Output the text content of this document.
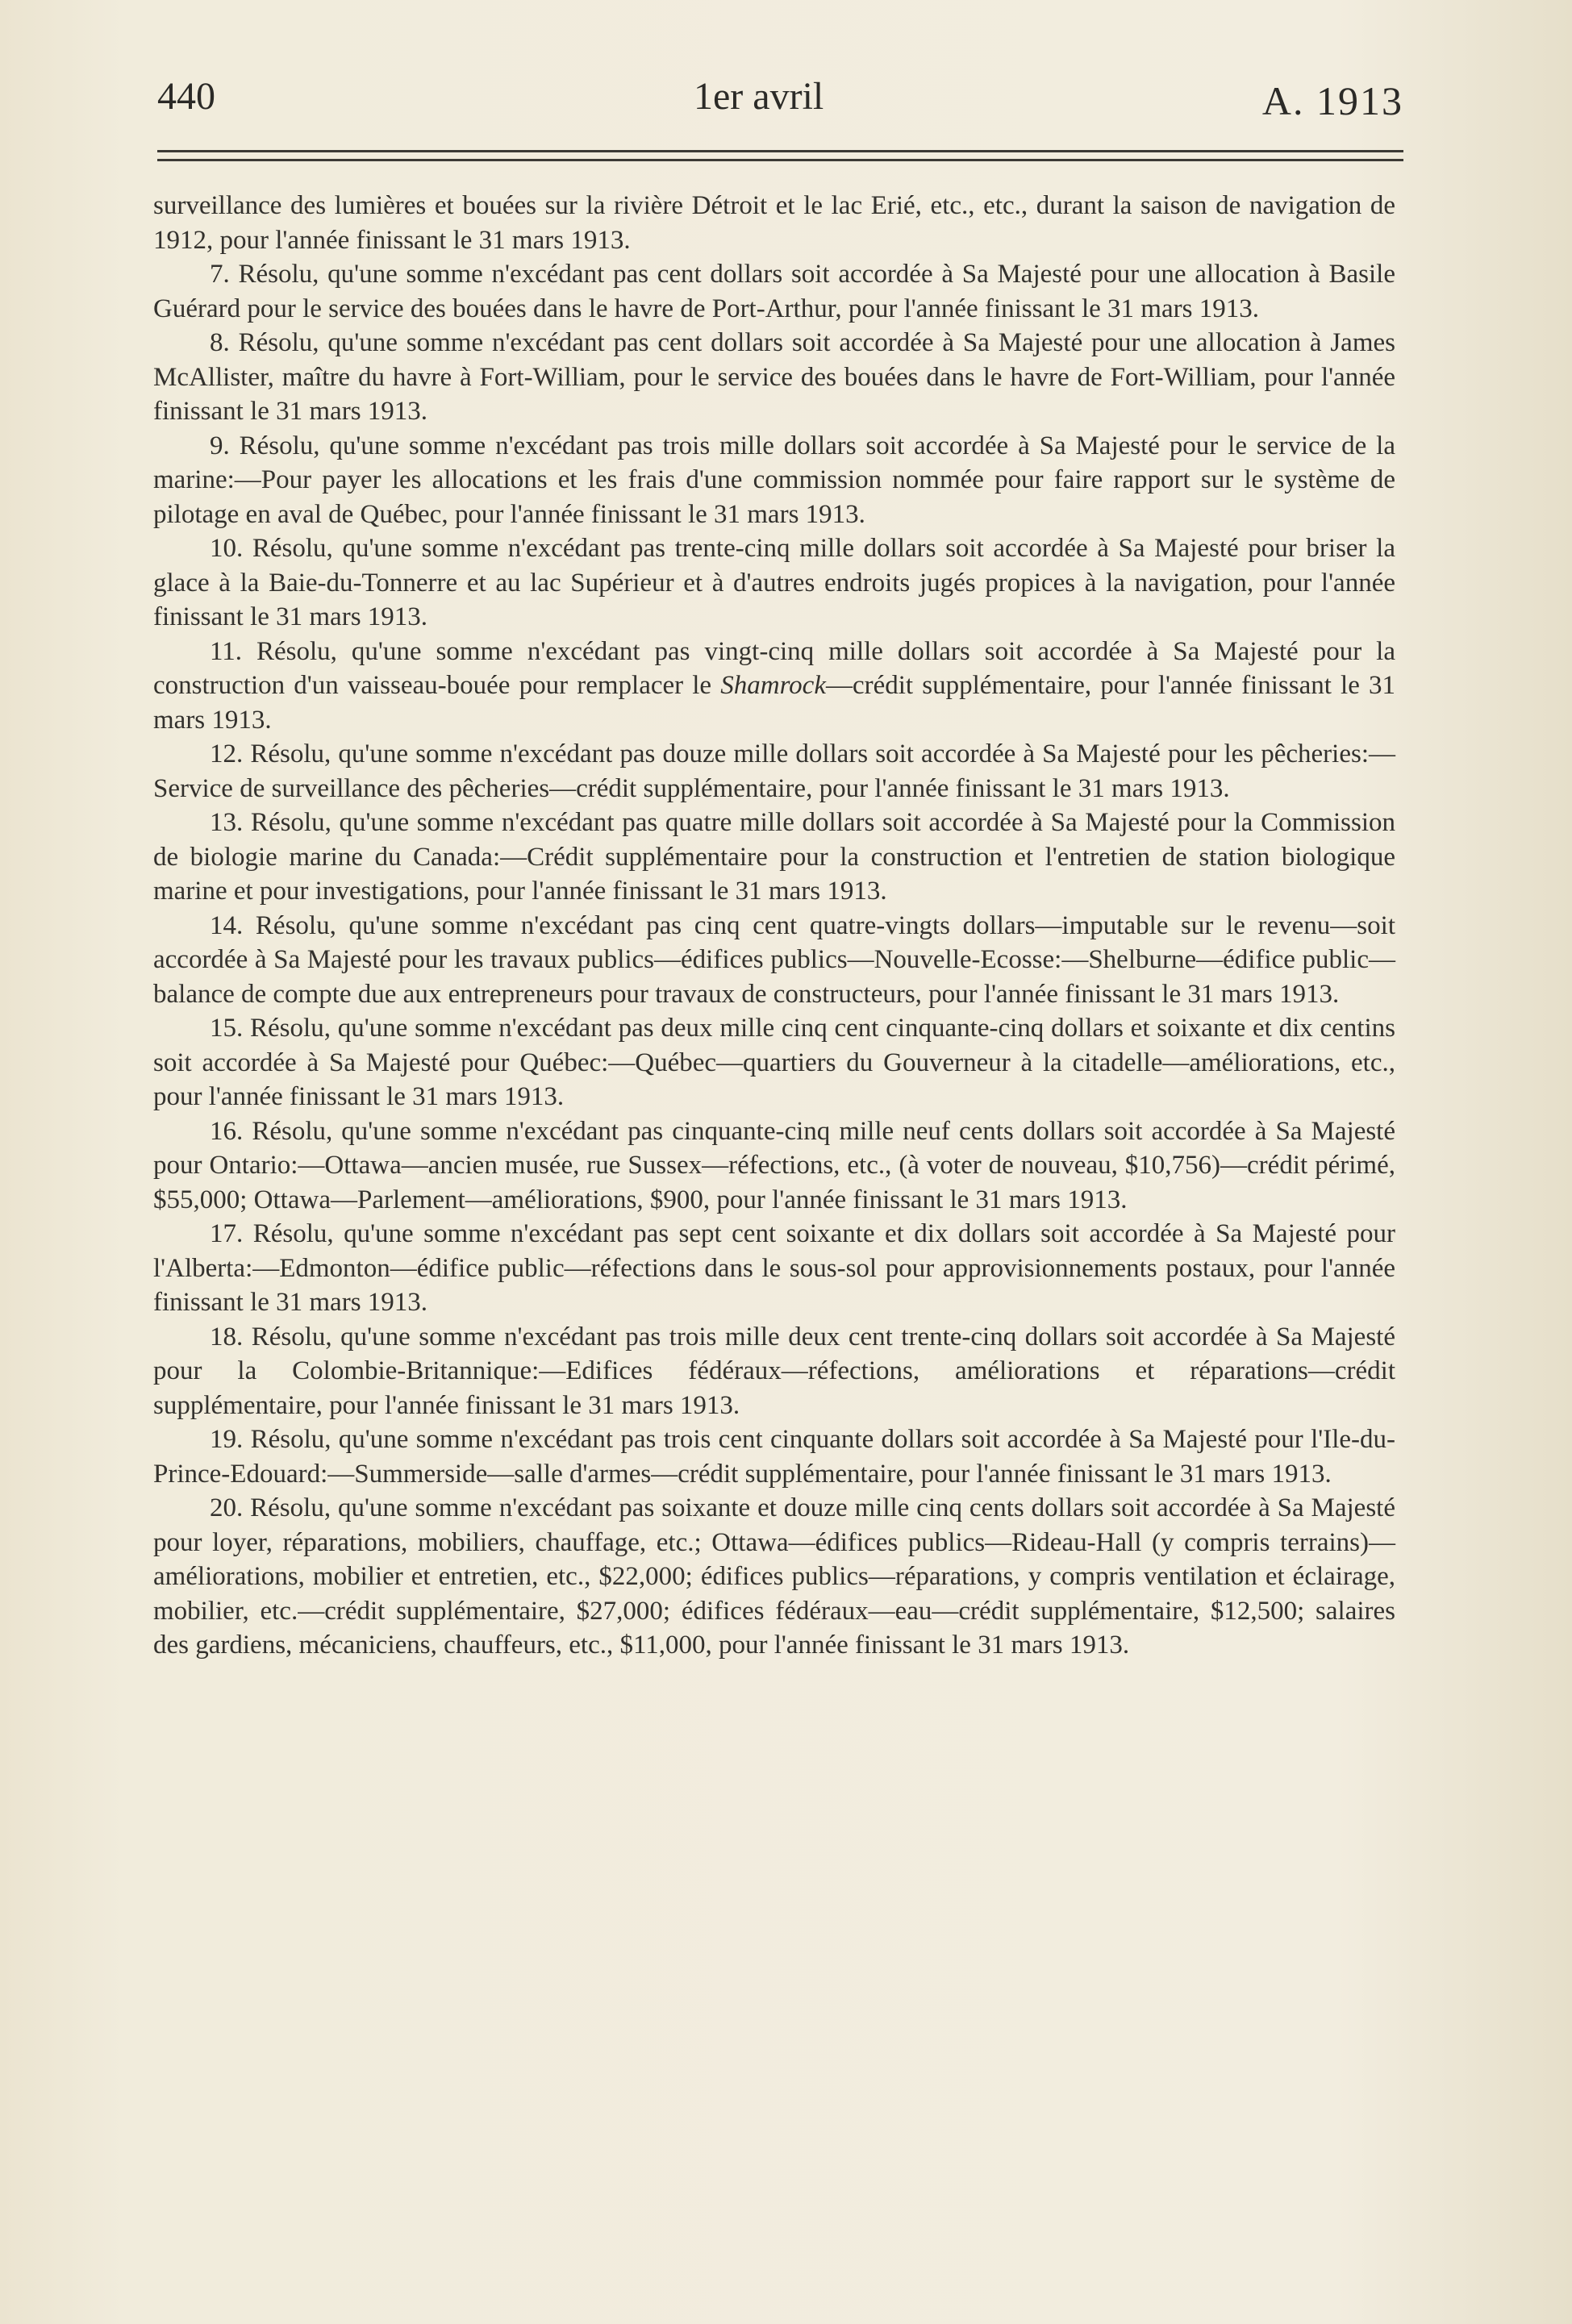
440	1er avril	A. 1913

surveillance des lumières et bouées sur la rivière Détroit et le lac Erié, etc., etc., durant la saison de navigation de 1912, pour l'année finissant le 31 mars 1913.

7. Résolu, qu'une somme n'excédant pas cent dollars soit accordée à Sa Majesté pour une allocation à Basile Guérard pour le service des bouées dans le havre de Port-Arthur, pour l'année finissant le 31 mars 1913.

8. Résolu, qu'une somme n'excédant pas cent dollars soit accordée à Sa Majesté pour une allocation à James McAllister, maître du havre à Fort-William, pour le service des bouées dans le havre de Fort-William, pour l'année finissant le 31 mars 1913.

9. Résolu, qu'une somme n'excédant pas trois mille dollars soit accordée à Sa Majesté pour le service de la marine:—Pour payer les allocations et les frais d'une commission nommée pour faire rapport sur le système de pilotage en aval de Québec, pour l'année finissant le 31 mars 1913.

10. Résolu, qu'une somme n'excédant pas trente-cinq mille dollars soit accordée à Sa Majesté pour briser la glace à la Baie-du-Tonnerre et au lac Supérieur et à d'autres endroits jugés propices à la navigation, pour l'année finissant le 31 mars 1913.

11. Résolu, qu'une somme n'excédant pas vingt-cinq mille dollars soit accordée à Sa Majesté pour la construction d'un vaisseau-bouée pour remplacer le Shamrock—crédit supplémentaire, pour l'année finissant le 31 mars 1913.

12. Résolu, qu'une somme n'excédant pas douze mille dollars soit accordée à Sa Majesté pour les pêcheries:—Service de surveillance des pêcheries—crédit supplémentaire, pour l'année finissant le 31 mars 1913.

13. Résolu, qu'une somme n'excédant pas quatre mille dollars soit accordée à Sa Majesté pour la Commission de biologie marine du Canada:—Crédit supplémentaire pour la construction et l'entretien de station biologique marine et pour investigations, pour l'année finissant le 31 mars 1913.

14. Résolu, qu'une somme n'excédant pas cinq cent quatre-vingts dollars—imputable sur le revenu—soit accordée à Sa Majesté pour les travaux publics—édifices publics—Nouvelle-Ecosse:—Shelburne—édifice public—balance de compte due aux entrepreneurs pour travaux de constructeurs, pour l'année finissant le 31 mars 1913.

15. Résolu, qu'une somme n'excédant pas deux mille cinq cent cinquante-cinq dollars et soixante et dix centins soit accordée à Sa Majesté pour Québec:—Québec—quartiers du Gouverneur à la citadelle—améliorations, etc., pour l'année finissant le 31 mars 1913.

16. Résolu, qu'une somme n'excédant pas cinquante-cinq mille neuf cents dollars soit accordée à Sa Majesté pour Ontario:—Ottawa—ancien musée, rue Sussex—réfections, etc., (à voter de nouveau, $10,756)—crédit périmé, $55,000; Ottawa—Parlement—améliorations, $900, pour l'année finissant le 31 mars 1913.

17. Résolu, qu'une somme n'excédant pas sept cent soixante et dix dollars soit accordée à Sa Majesté pour l'Alberta:—Edmonton—édifice public—réfections dans le sous-sol pour approvisionnements postaux, pour l'année finissant le 31 mars 1913.

18. Résolu, qu'une somme n'excédant pas trois mille deux cent trente-cinq dollars soit accordée à Sa Majesté pour la Colombie-Britannique:—Edifices fédéraux—réfections, améliorations et réparations—crédit supplémentaire, pour l'année finissant le 31 mars 1913.

19. Résolu, qu'une somme n'excédant pas trois cent cinquante dollars soit accordée à Sa Majesté pour l'Ile-du-Prince-Edouard:—Summerside—salle d'armes—crédit supplémentaire, pour l'année finissant le 31 mars 1913.

20. Résolu, qu'une somme n'excédant pas soixante et douze mille cinq cents dollars soit accordée à Sa Majesté pour loyer, réparations, mobiliers, chauffage, etc.; Ottawa—édifices publics—Rideau-Hall (y compris terrains)—améliorations, mobilier et entretien, etc., $22,000; édifices publics—réparations, y compris ventilation et éclairage, mobilier, etc.—crédit supplémentaire, $27,000; édifices fédéraux—eau—crédit supplémentaire, $12,500; salaires des gardiens, mécaniciens, chauffeurs, etc., $11,000, pour l'année finissant le 31 mars 1913.
